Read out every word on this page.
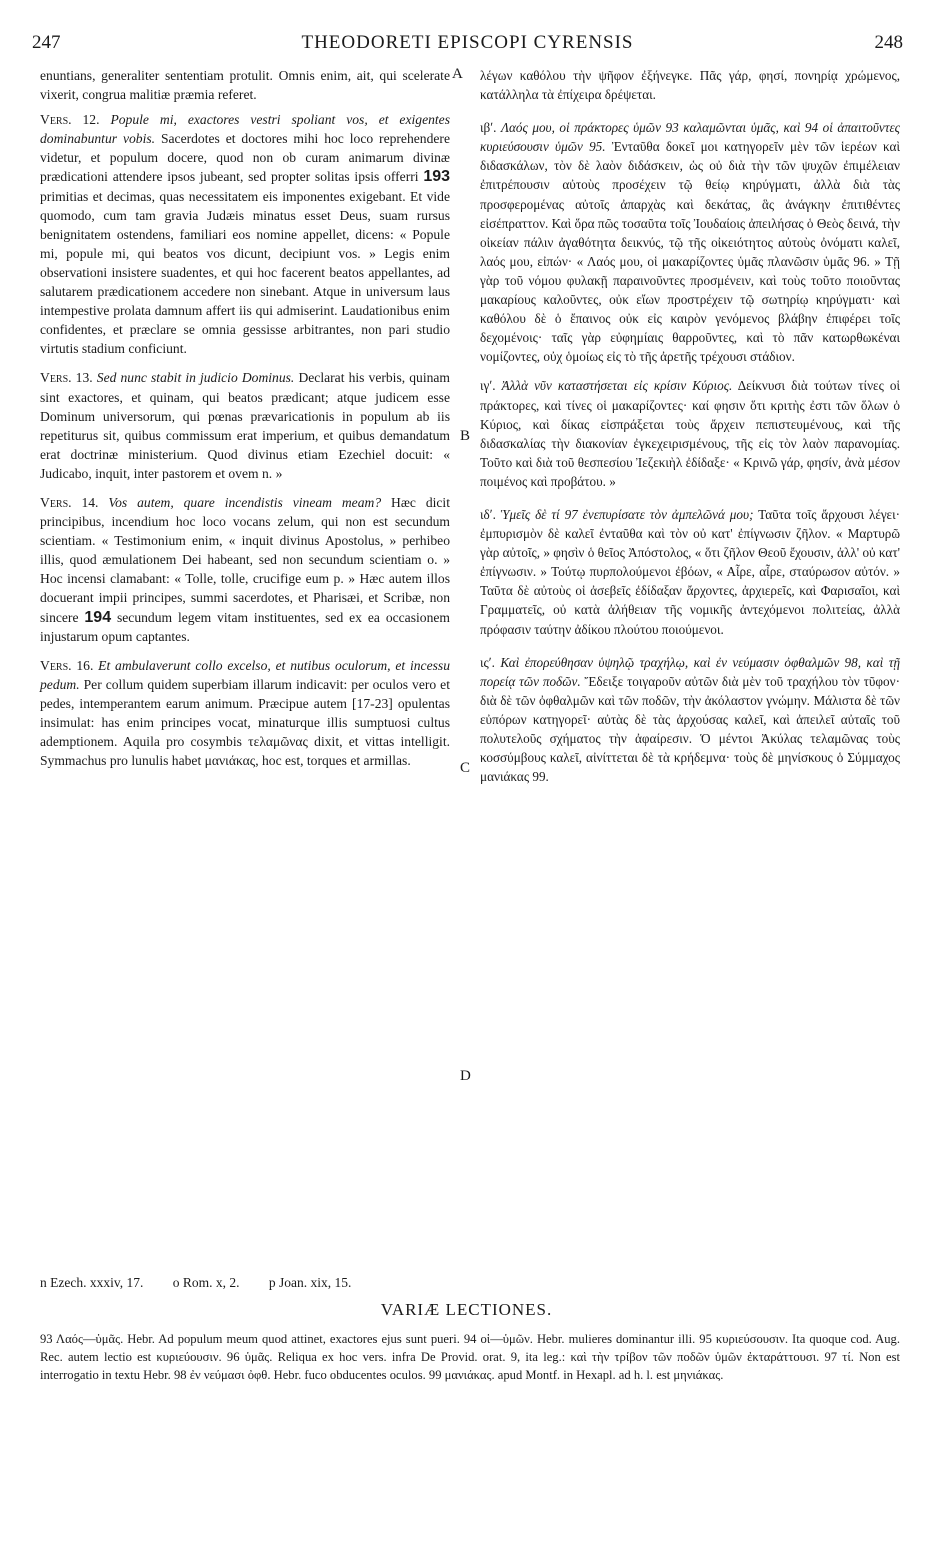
247	THEODORETI EPISCOPI CYRENSIS	248
A
B
C
D

enuntians, generaliter sententiam protulit. Omnis enim, ait, qui scelerate vixerit, congrua malitiæ præmia referet.

Vers. 12. Popule mi, exactores vestri spoliant vos, et exigentes dominabuntur vobis. Sacerdotes et doctores mihi hoc loco reprehendere videtur, et populum docere, quod non ob curam animarum divinæ prædicationi attendere ipsos jubeant, sed propter solitas ipsis offerri 193 primitias et decimas, quas necessitatem eis imponentes exigebant. Et vide quomodo, cum tam gravia Judæis minatus esset Deus, suam rursus benignitatem ostendens, familiari eos nomine appellet, dicens: « Popule mi, popule mi, qui beatos vos dicunt, decipiunt vos. » Legis enim observationi insistere suadentes, et qui hoc facerent beatos appellantes, ad salutarem prædicationem accedere non sinebant. Atque in universum laus intempestive prolata damnum affert iis qui admiserint. Laudationibus enim confidentes, et præclare se omnia gessisse arbitrantes, non pari studio virtutis stadium conficiunt.

Vers. 13. Sed nunc stabit in judicio Dominus. Declarat his verbis, quinam sint exactores, et quinam, qui beatos prædicant; atque judicem esse Dominum universorum, qui pœnas prævaricationis in populum ab iis repetiturus sit, quibus commissum erat imperium, et quibus demandatum erat doctrinæ ministerium. Quod divinus etiam Ezechiel docuit: « Judicabo, inquit, inter pastorem et ovem n. »

Vers. 14. Vos autem, quare incendistis vineam meam? Hæc dicit principibus, incendium hoc loco vocans zelum, qui non est secundum scientiam. « Testimonium enim, « inquit divinus Apostolus, » perhibeo illis, quod æmulationem Dei habeant, sed non secundum scientiam o. » Hoc incensi clamabant: « Tolle, tolle, crucifige eum p. » Hæc autem illos docuerant impii principes, summi sacerdotes, et Pharisæi, et Scribæ, non sincere 194 secundum legem vitam instituentes, sed ex ea occasionem injustarum opum captantes.

Vers. 16. Et ambulaverunt collo excelso, et nutibus oculorum, et incessu pedum. Per collum quidem superbiam illarum indicavit: per oculos vero et pedes, intemperantem earum animum. Præcipue autem [17-23] opulentas insimulat: has enim principes vocat, minaturque illis sumptuosi cultus ademptionem. Aquila pro cosymbis τελαμῶνας dixit, et vittas intelligit. Symmachus pro lunulis habet μανιάκας, hoc est, torques et armillas.

λέγων καθόλου τὴν ψῆφον ἐξήνεγκε. Πᾶς γάρ, φησί, πονηρίᾳ χρώμενος, κατάλληλα τὰ ἐπίχειρα δρέψεται.

ιβʹ. Λαός μου, οἱ πράκτορες ὑμῶν 93 καλαμῶνται ὑμᾶς, καὶ 94 οἱ ἀπαιτοῦντες κυριεύσουσιν ὑμῶν 95. Ἐνταῦθα δοκεῖ μοι κατηγορεῖν μὲν τῶν ἱερέων καὶ διδασκάλων, τὸν δὲ λαὸν διδάσκειν, ὡς οὐ διὰ τὴν τῶν ψυχῶν ἐπιμέλειαν ἐπιτρέπουσιν αὐτοὺς προσέχειν τῷ θείῳ κηρύγματι, ἀλλὰ διὰ τὰς προσφερομένας αὐτοῖς ἀπαρχὰς καὶ δεκάτας, ἃς ἀνάγκην ἐπιτιθέντες εἰσέπραττον. Καὶ ὅρα πῶς τοσαῦτα τοῖς Ἰουδαίοις ἀπειλήσας ὁ Θεὸς δεινά, τὴν οἰκείαν πάλιν ἀγαθότητα δεικνύς, τῷ τῆς οἰκειότητος αὐτοὺς ὀνόματι καλεῖ, λαός μου, εἰπών· « Λαός μου, οἱ μακαρίζοντες ὑμᾶς πλανῶσιν ὑμᾶς 96. » Τῇ γὰρ τοῦ νόμου φυλακῇ παραινοῦντες προσμένειν, καὶ τοὺς τοῦτο ποιοῦντας μακαρίους καλοῦντες, οὐκ εἴων προστρέχειν τῷ σωτηρίῳ κηρύγματι· καὶ καθόλου δὲ ὁ ἔπαινος οὐκ εἰς καιρὸν γενόμενος βλάβην ἐπιφέρει τοῖς δεχομένοις· ταῖς γὰρ εὐφημίαις θαρροῦντες, καὶ τὸ πᾶν κατωρθωκέναι νομίζοντες, οὐχ ὁμοίως εἰς τὸ τῆς ἀρετῆς τρέχουσι στάδιον.

ιγʹ. Ἀλλὰ νῦν καταστήσεται εἰς κρίσιν Κύριος. Δείκνυσι διὰ τούτων τίνες οἱ πράκτορες, καὶ τίνες οἱ μακαρίζοντες· καί φησιν ὅτι κριτὴς ἐστι τῶν ὅλων ὁ Κύριος, καὶ δίκας εἰσπράξεται τοὺς ἄρχειν πεπιστευμένους, καὶ τῆς διδασκαλίας τὴν διακονίαν ἐγκεχειρισμένους, τῆς εἰς τὸν λαὸν παρανομίας. Τοῦτο καὶ διὰ τοῦ θεσπεσίου Ἰεζεκιὴλ ἐδίδαξε· « Κρινῶ γάρ, φησίν, ἀνὰ μέσον ποιμένος καὶ προβάτου. »

ιδʹ. Ὑμεῖς δὲ τί 97 ἐνεπυρίσατε τὸν ἀμπελῶνά μου; Ταῦτα τοῖς ἄρχουσι λέγει· ἐμπυρισμὸν δὲ καλεῖ ἐνταῦθα καὶ τὸν οὐ κατ' ἐπίγνωσιν ζῆλον. « Μαρτυρῶ γὰρ αὐτοῖς, » φησὶν ὁ θεῖος Ἀπόστολος, « ὅτι ζῆλον Θεοῦ ἔχουσιν, ἀλλ' οὐ κατ' ἐπίγνωσιν. » Τούτῳ πυρπολούμενοι ἐβόων, « Αἶρε, αἶρε, σταύρωσον αὐτόν. » Ταῦτα δὲ αὐτοὺς οἱ ἀσεβεῖς ἐδίδαξαν ἄρχοντες, ἀρχιερεῖς, καὶ Φαρισαῖοι, καὶ Γραμματεῖς, οὐ κατὰ ἀλήθειαν τῆς νομικῆς ἀντεχόμενοι πολιτείας, ἀλλὰ πρόφασιν ταύτην ἀδίκου πλούτου ποιούμενοι.

ιςʹ. Καὶ ἐπορεύθησαν ὑψηλῷ τραχήλῳ, καὶ ἐν νεύμασιν ὀφθαλμῶν 98, καὶ τῇ πορείᾳ τῶν ποδῶν. Ἔδειξε τοιγαροῦν αὐτῶν διὰ μὲν τοῦ τραχήλου τὸν τῦφον· διὰ δὲ τῶν ὀφθαλμῶν καὶ τῶν ποδῶν, τὴν ἀκόλαστον γνώμην. Μάλιστα δὲ τῶν εὐπόρων κατηγορεῖ· αὐτὰς δὲ τὰς ἀρχούσας καλεῖ, καὶ ἀπειλεῖ αὐταῖς τοῦ πολυτελοῦς σχήματος τὴν ἀφαίρεσιν. Ὁ μέντοι Ἀκύλας τελαμῶνας τοὺς κοσσύμβους καλεῖ, αἰνίττεται δὲ τὰ κρήδεμνα· τοὺς δὲ μηνίσκους ὁ Σύμμαχος μανιάκας 99.

n Ezech. xxxiv, 17. o Rom. x, 2. p Joan. xix, 15.
VARIÆ LECTIONES.

93 Λαός—ὑμᾶς. Hebr. Ad populum meum quod attinet, exactores ejus sunt pueri. 94 οἱ—ὑμῶν. Hebr. mulieres dominantur illi. 95 κυριεύσουσιν. Ita quoque cod. Aug. Rec. autem lectio est κυριεύουσιν. 96 ὑμᾶς. Reliqua ex hoc vers. infra De Provid. orat. 9, ita leg.: καὶ τὴν τρίβον τῶν ποδῶν ὑμῶν ἐκταράττουσι. 97 τί. Non est interrogatio in textu Hebr. 98 ἐν νεύμασι ὀφθ. Hebr. fuco obducentes oculos. 99 μανιάκας. apud Montf. in Hexapl. ad h. l. est μηνιάκας.
